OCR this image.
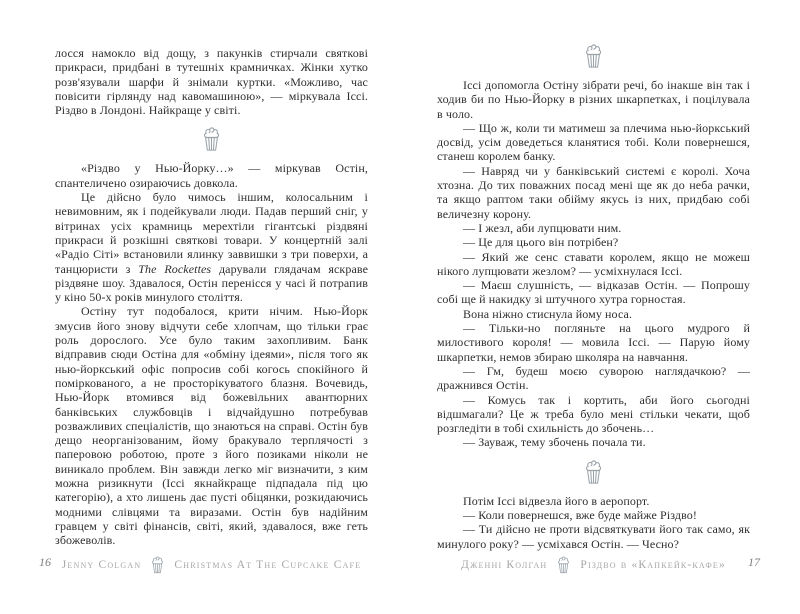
лосся намокло від дощу, з пакунків стирчали святкові прикраси, придбані в тутешніх крамничках. Жінки хутко розв'язували шарфи й знімали куртки. «Можливо, час повісити гірлянду над кавомашиною», — міркувала Іссі. Різдво в Лондоні. Найкраще у світі.

«Різдво у Нью-Йорку…» — міркував Остін, спантеличено озираючись довкола.

Це дійсно було чимось іншим, колосальним і невимовним, як і подейкували люди. Падав перший сніг, у вітринах усіх крамниць мерехтіли гігантські різдвяні прикраси й розкішні святкові товари. У концертній залі «Радіо Сіті» встановили ялинку заввишки з три поверхи, а танцюристи з The Rockettes дарували глядачам яскраве різдвяне шоу. Здавалося, Остін перенісся у часі й потрапив у кіно 50-х років минулого століття.

Остіну тут подобалося, крити нічим. Нью-Йорк змусив його знову відчути себе хлопчам, що тільки грає роль дорослого. Усе було таким захопливим. Банк відправив сюди Остіна для «обміну ідеями», після того як нью-йоркський офіс попросив собі когось спокійного й поміркованого, а не просторікуватого блазня. Вочевидь, Нью-Йорк втомився від божевільних авантюрних банківських службовців і відчайдушно потребував розважливих спеціалістів, що знаються на справі. Остін був дещо неорганізованим, йому бракувало терплячості з паперовою роботою, проте з його позиками ніколи не виникало проблем. Він завжди легко міг визначити, з ким можна ризикнути (Іссі якнайкраще підпадала під цю категорію), а хто лишень дає пусті обіцянки, розкидаючись модними слівцями та виразами. Остін був надійним гравцем у світі фінансів, світі, який, здавалося, вже геть збожеволів.

16 Jenny Colgan	Christmas At The Cupcake Cafe

Іссі допомогла Остіну зібрати речі, бо інакше він так і ходив би по Нью-Йорку в різних шкарпетках, і поцілувала в чоло.

— Що ж, коли ти матимеш за плечима нью-йоркський досвід, усім доведеться кланятися тобі. Коли повернешся, станеш королем банку.

— Навряд чи у банківський системі є королі. Хоча хтозна. До тих поважних посад мені ще як до неба рачки, та якщо раптом таки обійму якусь із них, придбаю собі величезну корону.

— І жезл, аби лупцювати ним.

— Це для цього він потрібен?

— Який же сенс ставати королем, якщо не можеш нікого лупцювати жезлом? — усміхнулася Іссі.

— Маєш слушність, — відказав Остін. — Попрошу собі ще й накидку зі штучного хутра горностая.

Вона ніжно стиснула йому носа.

— Тільки-но погляньте на цього мудрого й милостивого короля! — мовила Іссі. — Парую йому шкарпетки, немов збираю школяра на навчання.

— Гм, будеш моєю суворою наглядачкою? — дражнився Остін.

— Комусь так і кортить, аби його сьогодні відшмагали? Це ж треба було мені стільки чекати, щоб розгледіти в тобі схильність до збочень…

— Зауваж, тему збочень почала ти.

Потім Іссі відвезла його в аеропорт.

— Коли повернешся, вже буде майже Різдво!

— Ти дійсно не проти відсвяткувати його так само, як минулого року? — усміхався Остін. — Чесно?

Дженні Колган	Різдво в «Капкейк-кафе» 17
